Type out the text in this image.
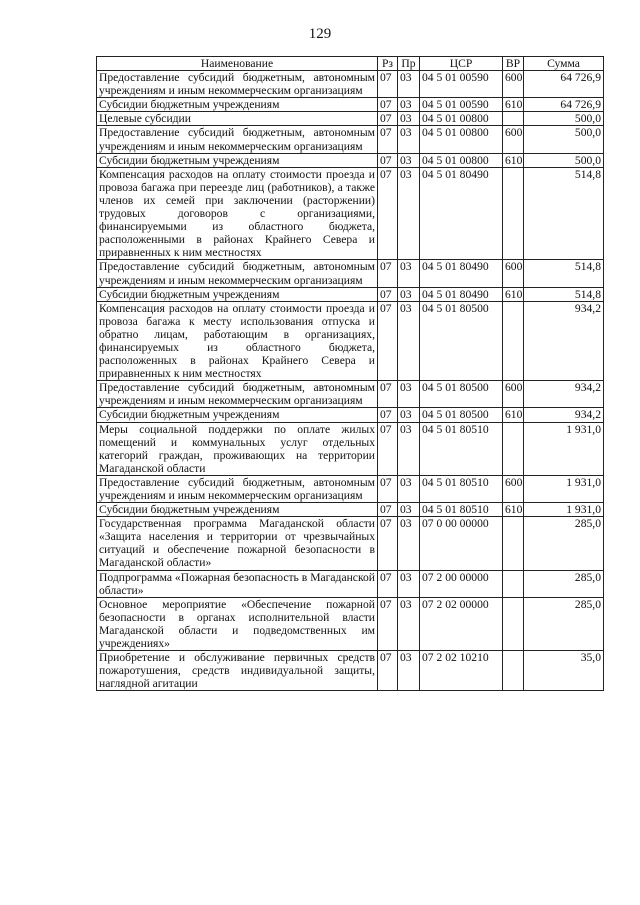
129
Наименование	Рз	Пр	ЦСР	ВР	Сумма
Предоставление субсидий бюджетным, автономным учреждениям и иным некоммерческим организациям	07	03	04 5 01 00590	600	64 726,9
Субсидии бюджетным учреждениям	07	03	04 5 01 00590	610	64 726,9
Целевые субсидии	07	03	04 5 01 00800		500,0
Предоставление субсидий бюджетным, автономным учреждениям и иным некоммерческим организациям	07	03	04 5 01 00800	600	500,0
Субсидии бюджетным учреждениям	07	03	04 5 01 00800	610	500,0
Компенсация расходов на оплату стоимости проезда и провоза багажа при переезде лиц (работников), а также членов их семей при заключении (расторжении) трудовых договоров с организациями, финансируемыми из областного бюджета, расположенными в районах Крайнего Севера и приравненных к ним местностях	07	03	04 5 01 80490		514,8
Предоставление субсидий бюджетным, автономным учреждениям и иным некоммерческим организациям	07	03	04 5 01 80490	600	514,8
Субсидии бюджетным учреждениям	07	03	04 5 01 80490	610	514,8
Компенсация расходов на оплату стоимости проезда и провоза багажа к месту использования отпуска и обратно лицам, работающим в организациях, финансируемых из областного бюджета, расположенных в районах Крайнего Севера и приравненных к ним местностях	07	03	04 5 01 80500		934,2
Предоставление субсидий бюджетным, автономным учреждениям и иным некоммерческим организациям	07	03	04 5 01 80500	600	934,2
Субсидии бюджетным учреждениям	07	03	04 5 01 80500	610	934,2
Меры социальной поддержки по оплате жилых помещений и коммунальных услуг отдельных категорий граждан, проживающих на территории Магаданской области	07	03	04 5 01 80510		1 931,0
Предоставление субсидий бюджетным, автономным учреждениям и иным некоммерческим организациям	07	03	04 5 01 80510	600	1 931,0
Субсидии бюджетным учреждениям	07	03	04 5 01 80510	610	1 931,0
Государственная программа Магаданской области «Защита населения и территории от чрезвычайных ситуаций и обеспечение пожарной безопасности в Магаданской области»	07	03	07 0 00 00000		285,0
Подпрограмма «Пожарная безопасность в Магаданской области»	07	03	07 2 00 00000		285,0
Основное мероприятие «Обеспечение пожарной безопасности в органах исполнительной власти Магаданской области и подведомственных им учреждениях»	07	03	07 2 02 00000		285,0
Приобретение и обслуживание первичных средств пожаротушения, средств индивидуальной защиты, наглядной агитации	07	03	07 2 02 10210		35,0
